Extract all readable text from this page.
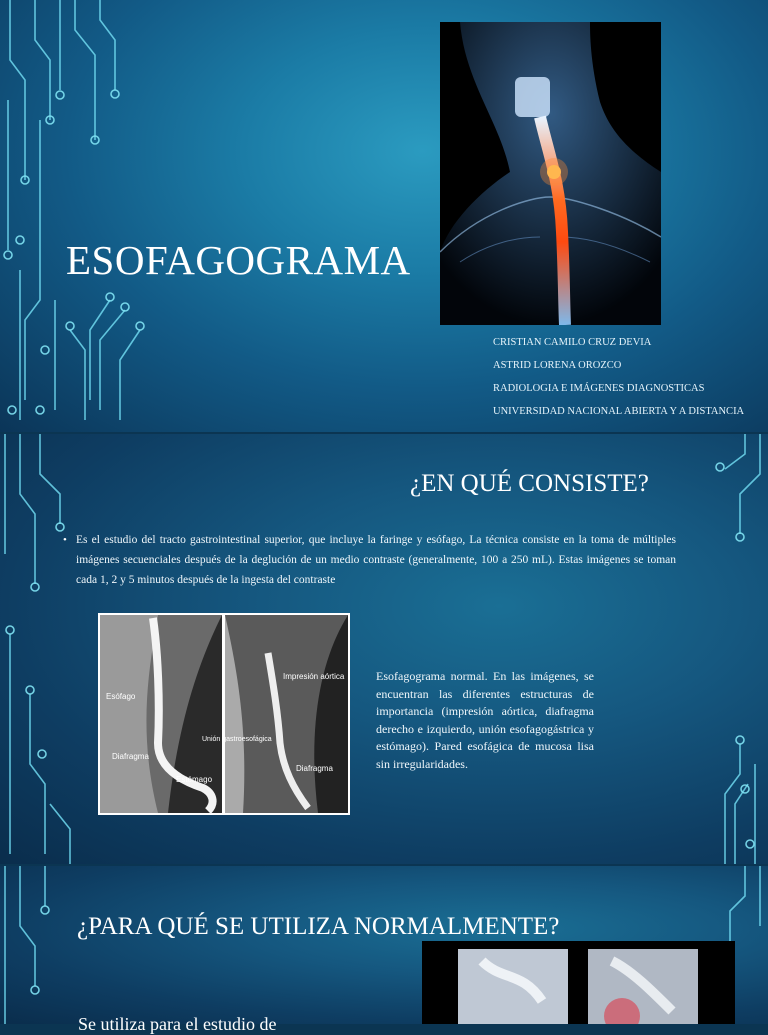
ESOFAGOGRAMA
CRISTIAN CAMILO CRUZ DEVIA
ASTRID LORENA OROZCO
RADIOLOGIA E IMÁGENES DIAGNOSTICAS
UNIVERSIDAD NACIONAL ABIERTA Y A DISTANCIA
¿EN QUÉ CONSISTE?
• Es el estudio del tracto gastrointestinal superior, que incluye la faringe y esófago, La técnica consiste en la toma de múltiples imágenes secuenciales después de la deglución de un medio contraste (generalmente, 100 a 250 mL). Estas imágenes se toman cada 1, 2 y 5 minutos después de la ingesta del contraste

Esófago
Unión gastroesofágica
Diafragma
Estómago
Impresión aórtica
Diafragma

Esofagograma normal. En las imágenes, se encuentran las diferentes estructuras de importancia (impresión aórtica, diafragma derecho e izquierdo, unión esofagogástrica y estómago). Pared esofágica de mucosa lisa sin irregularidades.

¿PARA QUÉ SE UTILIZA NORMALMENTE?

Se utiliza para el estudio de
